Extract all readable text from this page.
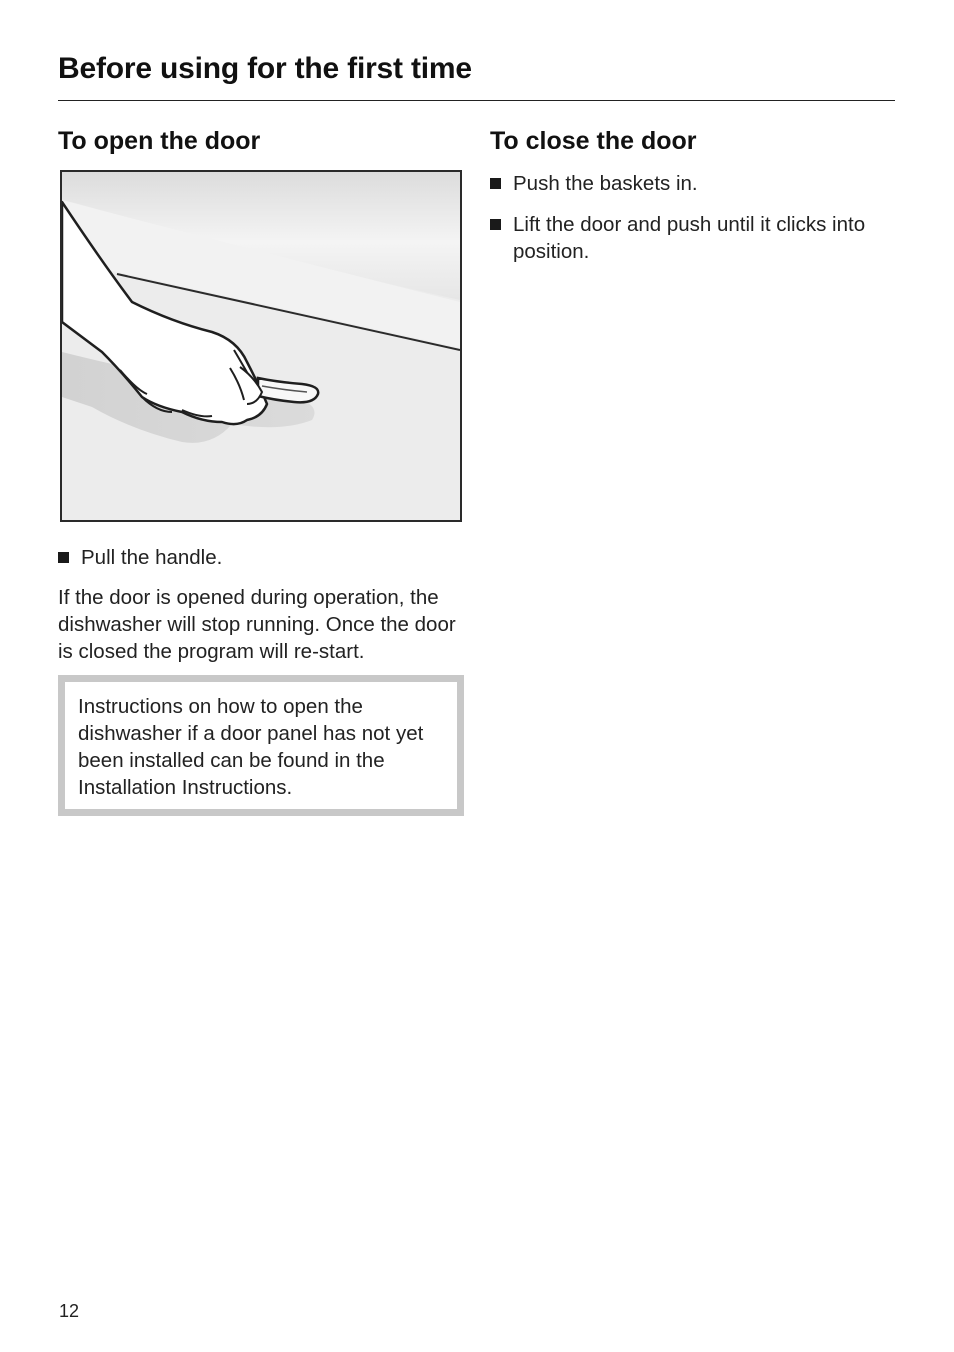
Before using for the first time
To open the door
Pull the handle.

If the door is opened during operation, the dishwasher will stop running. Once the door is closed the program will re-start.

Instructions on how to open the dishwasher if a door panel has not yet been installed can be found in the Installation Instructions.
To close the door
Push the baskets in.
Lift the door and push until it clicks into position.
12
